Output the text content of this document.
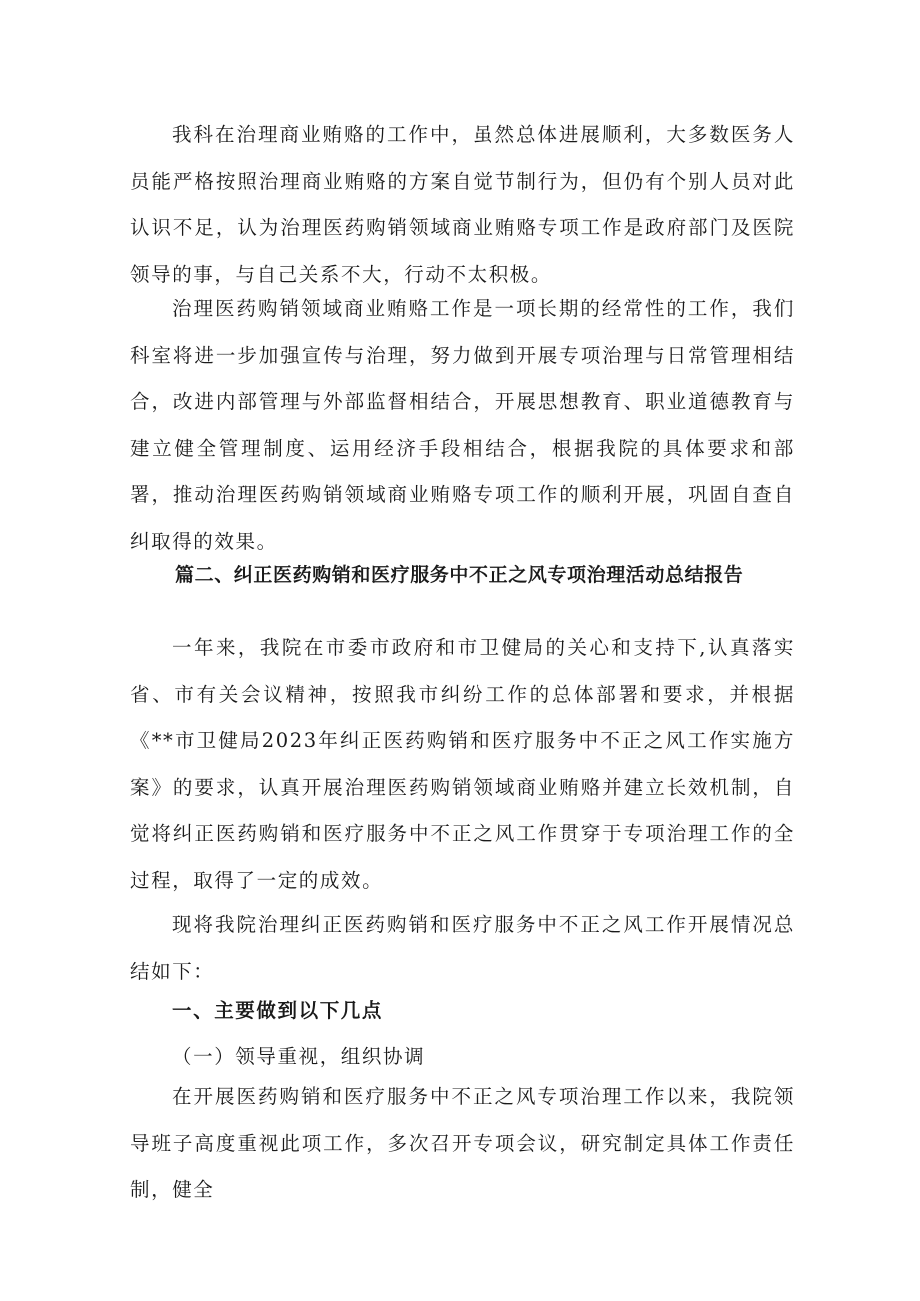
我科在治理商业贿赂的工作中，虽然总体进展顺利，大多数医务人员能严格按照治理商业贿赂的方案自觉节制行为，但仍有个别人员对此认识不足，认为治理医药购销领域商业贿赂专项工作是政府部门及医院领导的事，与自己关系不大，行动不太积极。

治理医药购销领域商业贿赂工作是一项长期的经常性的工作，我们科室将进一步加强宣传与治理，努力做到开展专项治理与日常管理相结合，改进内部管理与外部监督相结合，开展思想教育、职业道德教育与建立健全管理制度、运用经济手段相结合，根据我院的具体要求和部署，推动治理医药购销领域商业贿赂专项工作的顺利开展，巩固自查自纠取得的效果。

篇二、纠正医药购销和医疗服务中不正之风专项治理活动总结报告

一年来，我院在市委市政府和市卫健局的关心和支持下,认真落实省、市有关会议精神，按照我市纠纷工作的总体部署和要求，并根据《**市卫健局2023年纠正医药购销和医疗服务中不正之风工作实施方案》的要求，认真开展治理医药购销领域商业贿赂并建立长效机制，自觉将纠正医药购销和医疗服务中不正之风工作贯穿于专项治理工作的全过程，取得了一定的成效。

现将我院治理纠正医药购销和医疗服务中不正之风工作开展情况总结如下：

一、主要做到以下几点

（一）领导重视，组织协调

在开展医药购销和医疗服务中不正之风专项治理工作以来，我院领导班子高度重视此项工作，多次召开专项会议，研究制定具体工作责任制，健全
